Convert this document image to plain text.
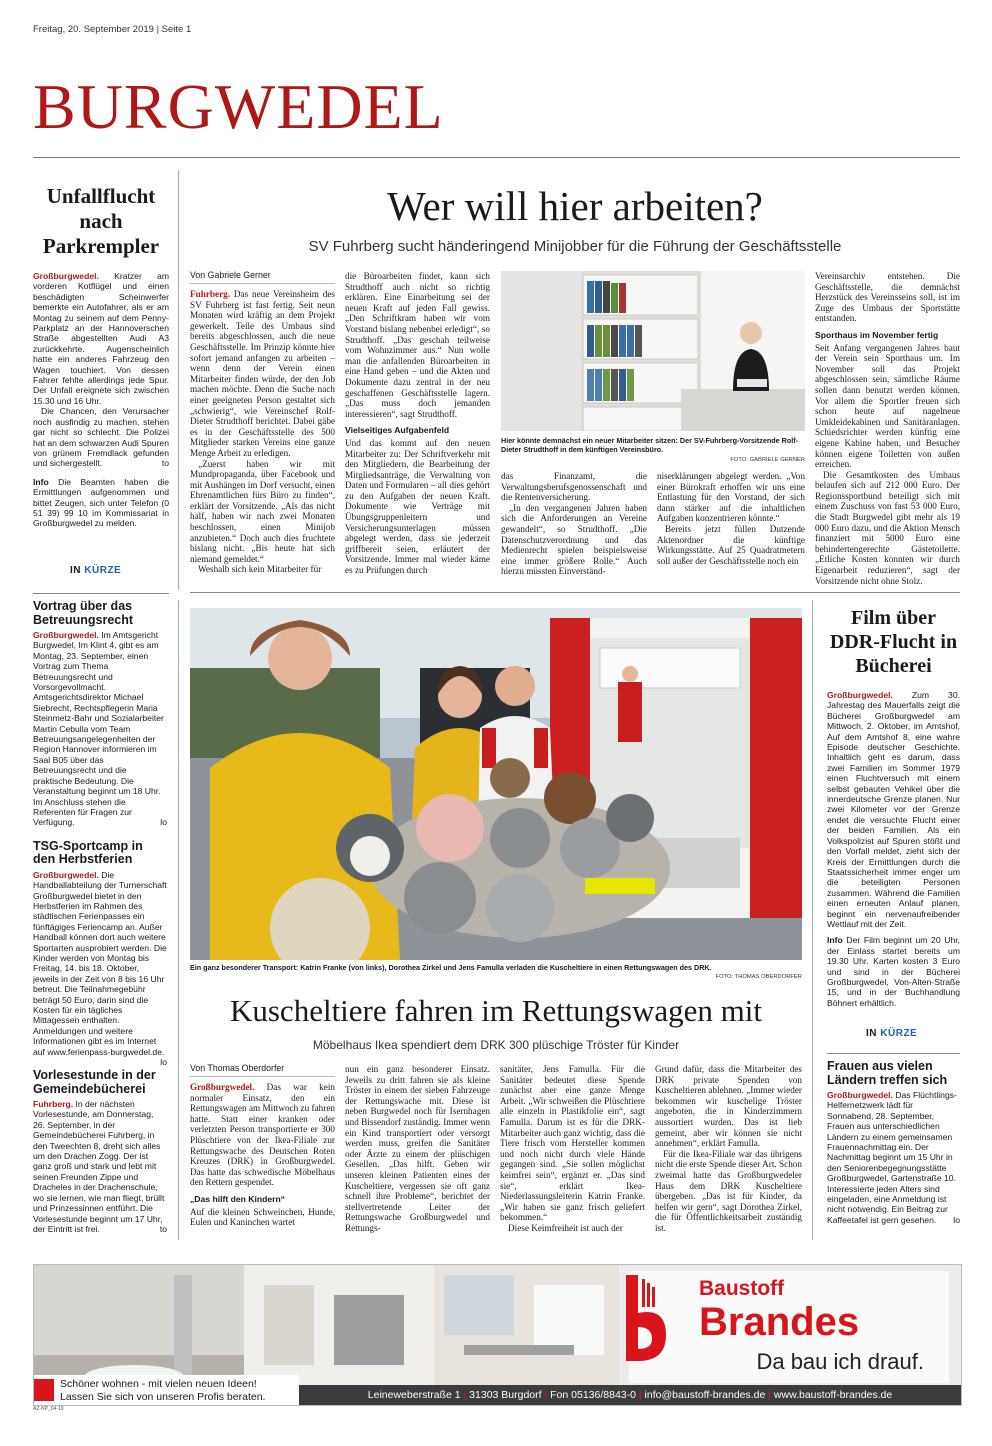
Freitag, 20. September 2019 | Seite 1
BURGWEDEL
Unfallflucht nach Parkrempler

Großburgwedel. Kratzer am vorderen Kotflügel und einen beschädigten Scheinwerfer bemerkte ein Autofahrer, als er am Montag zu seinem auf dem Penny-Parkplatz an der Hannoverschen Straße abgestellten Audi A3 zurückkehrte. Augenscheinlich hatte ein anderes Fahrzeug den Wagen touchiert. Von dessen Fahrer fehlte allerdings jede Spur. Der Unfall ereignete sich zwischen 15.30 und 16 Uhr.

Die Chancen, den Verursacher noch ausfindig zu machen, stehen gar nicht so schlecht. Die Polizei hat an dem schwarzen Audi Spuren von grünem Fremdlack gefunden und sichergestellt.	to

Info Die Beamten haben die Ermittlungen aufgenommen und bittet Zeugen, sich unter Telefon (0 51 39) 99 10 im Kommissariat in Großburgwedel zu melden.

IN KÜRZE
Vortrag über das Betreuungsrecht

Großburgwedel. Im Amtsgericht Burgwedel, Im Klint 4, gibt es am Montag, 23. September, einen Vortrag zum Thema Betreuungsrecht und Vorsorgevollmacht. Amtsgerichtsdirektor Michael Siebrecht, Rechtspflegerin Maria Steinmetz-Bahr und Sozialarbeiter Martin Cebulla vom Team Betreuungsangelegenheiten der Region Hannover informieren im Saal B05 über das Betreuungsrecht und die praktische Bedeutung. Die Veranstaltung beginnt um 18 Uhr. Im Anschluss stehen die Referenten für Fragen zur Verfügung.	lo

TSG-Sportcamp in den Herbstferien

Großburgwedel. Die Handballabteilung der Turnerschaft Großburgwedel bietet in den Herbstferien im Rahmen des städtischen Ferienpasses ein fünftägiges Feriencamp an. Außer Handball können dort auch weitere Sportarten ausprobiert werden. Die Kinder werden von Montag bis Freitag, 14. bis 18. Oktober, jeweils in der Zeit von 8 bis 16 Uhr betreut. Die Teilnahmegebühr beträgt 50 Euro, darin sind die Kosten für ein tägliches Mittagessen enthalten. Anmeldungen und weitere Informationen gibt es im Internet auf www.ferienpass-burgwedel.de.
lo

Vorlesestunde in der Gemeindebücherei

Fuhrberg. In der nächsten Vorlesestunde, am Donnerstag, 26. September, in der Gemeindebücherei Fuhrberg, in den Tweechten 8, dreht sich alles um den Drachen Zogg. Der ist ganz groß und stark und lebt mit seinen Freunden Zippe und Dracheles in der Drachenschule, wo sie lernen, wie man fliegt, brüllt und Prinzessinnen entführt. Die Vorlesestunde beginnt um 17 Uhr, der Eintritt ist frei.	to

Wer will hier arbeiten?
SV Fuhrberg sucht händeringend Minijobber für die Führung der Geschäftsstelle
Von Gabriele Gerner

Fuhrberg. Das neue Vereinsheim des SV Fuhrberg ist fast fertig. Seit neun Monaten wird kräftig an dem Projekt gewerkelt. Teile des Umbaus sind bereits abgeschlossen, auch die neue Geschäftsstelle. Im Prinzip könnte hier sofort jemand anfangen zu arbeiten – wenn denn der Verein einen Mitarbeiter finden würde, der den Job machen möchte. Denn die Suche nach einer geeigneten Person gestaltet sich „schwierig“, wie Vereinschef Rolf-Dieter Strudthoff berichtet. Dabei gäbe es in der Geschäftsstelle des 500 Mitglieder starken Vereins eine ganze Menge Arbeit zu erledigen.

„Zuerst haben wir mit Mundpropaganda, über Facebook und mit Aushängen im Dorf versucht, einen Ehrenamtlichen fürs Büro zu finden“, erklärt der Vorsitzende. „Als das nicht half, haben wir nach zwei Monaten beschlossen, einen Minijob anzubieten.“ Doch auch dies fruchtete bislang nicht. „Bis heute hat sich niemand gemeldet.“

Weshalb sich kein Mitarbeiter für

die Büroarbeiten findet, kann sich Strudthoff auch nicht so richtig erklären. Eine Einarbeitung sei der neuen Kraft auf jeden Fall gewiss. „Den Schriftkram haben wir vom Vorstand bislang nebenbei erledigt“, so Strudthoff. „Das geschah teilweise vom Wohnzimmer aus.“ Nun wolle man die anfallenden Büroarbeiten in eine Hand geben – und die Akten und Dokumente dazu zentral in der neu geschaffenen Geschäftsstelle lagern. „Das muss doch jemanden interessieren“, sagt Strudthoff.

Vielseitiges Aufgabenfeld

Und das kommt auf den neuen Mitarbeiter zu: Der Schriftverkehr mit den Mitgliedern, die Bearbeitung der Mitgliedsanträge, die Verwaltung von Daten und Formularen – all dies gehört zu den Aufgaben der neuen Kraft. Dokumente wie Verträge mit Übungsgruppenleitern und Versicherungsunterlagen müssen abgelegt werden, dass sie jederzeit griffbereit seien, erläutert der Vorsitzende. Immer mal wieder käme es zu Prüfungen durch

Hier könnte demnächst ein neuer Mitarbeiter sitzen: Der SV-Fuhrberg-Vorsitzende Rolf-Dieter Strudthoff in dem künftigen Vereinsbüro.
FOTO: GABRIELE GERNER

das Finanzamt, die Verwaltungsberufsgenossenschaft und die Rentenversicherung.

„In den vergangenen Jahren haben sich die Anforderungen an Vereine gewandelt“, so Strudthoff. „Die Datenschutzverordnung und das Medienrecht spielen beispielsweise eine immer größere Rolle.“ Auch hierzu müssten Einverständ-

niserklärungen abgelegt werden. „Von einer Bürokraft erhoffen wir uns eine Entlastung für den Vorstand, der sich dann stärker auf die inhaltlichen Aufgaben konzentrieren könnte.“

Bereits jetzt füllen Dutzende Aktenordner die künftige Wirkungsstätte. Auf 25 Quadratmetern soll außer der Geschäftsstelle noch ein

Vereinsarchiv entstehen. Die Geschäftsstelle, die demnächst Herzstück des Vereinsseins soll, ist im Zuge des Umbaus der Sportstätte entstanden.

Sporthaus im November fertig

Seit Anfang vergangenen Jahres baut der Verein sein Sporthaus um. Im November soll das Projekt abgeschlossen sein, sämtliche Räume sollen dann benutzt werden können. Vor allem die Sportler freuen sich schon heute auf nagelneue Umkleidekabinen und Sanitäranlagen. Schiedsrichter werden künftig eine eigene Kabine haben, und Besucher können eigene Toiletten von außen erreichen.

Die Gesamtkosten des Umbaus belaufen sich auf 212 000 Euro. Der Regionssportbund beteiligt sich mit einem Zuschuss von fast 53 000 Euro, die Stadt Burgwedel gibt mehr als 19 000 Euro dazu, und die Aktion Mensch finanziert mit 5000 Euro eine behindertengerechte Gästetoilette. „Etliche Kosten konnten wir durch Eigenarbeit reduzieren“, sagt der Vorsitzende nicht ohne Stolz.

Ein ganz besonderer Transport: Katrin Franke (von links), Dorothea Zirkel und Jens Famulla verladen die Kuscheltiere in einen Rettungswagen des DRK.
FOTO: THOMAS OBERDORFER
Kuscheltiere fahren im Rettungswagen mit
Möbelhaus Ikea spendiert dem DRK 300 plüschige Tröster für Kinder
Von Thomas Oberdorfer

Großburgwedel. Das war kein normaler Einsatz, den ein Rettungswagen am Mittwoch zu fahren hatte. Statt einer kranken oder verletzten Person transportierte er 300 Plüschtiere von der Ikea-Filiale zur Rettungswache des Deutschen Roten Kreuzes (DRK) in Großburgwedel. Das hatte das schwedische Möbelhaus den Rettern gespendet.

„Das hilft den Kindern“

Auf die kleinen Schweinchen, Hunde, Eulen und Kaninchen wartet

nun ein ganz besonderer Einsatz. Jeweils zu dritt fahren sie als kleine Tröster in einem der sieben Fahrzeuge der Rettungswache mit. Diese ist neben Burgwedel noch für Isernhagen und Bissendorf zuständig. Immer wenn ein Kind transportiert oder versorgt werden muss, greifen die Sanitäter oder Ärzte zu einem der plüschigen Gesellen. „Das hilft. Geben wir unseren kleinen Patienten eines der Kuscheltiere, vergessen sie oft ganz schnell ihre Probleme“, berichtet der stellvertretende Leiter der Rettungswache Großburgwedel und Rettungs-

sanitäter, Jens Famulla. Für die Sanitäter bedeutet diese Spende zunächst aber eine ganze Menge Arbeit. „Wir schweißen die Plüschtiere alle einzeln in Plastikfolie ein“, sagt Famulla. Darum ist es für die DRK-Mitarbeiter auch ganz wichtig, dass die Tiere frisch vom Hersteller kommen und noch nicht durch viele Hände gegangen sind. „Sie sollen möglichst keimfrei sein“, ergänzt er. „Das sind sie“, erklärt Ikea-Niederlassungsleiterin Katrin Franke. „Wir haben sie ganz frisch geliefert bekommen.“

Diese Keimfreiheit ist auch der

Grund dafür, dass die Mitarbeiter des DRK private Spenden von Kuscheltieren ablehnen. „Immer wieder bekommen wir kuschelige Tröster angeboten, die in Kinderzimmern aussortiert wurden. Das ist lieb gemeint, aber wir können sie nicht annehmen“, erklärt Famulla.

Für die Ikea-Filiale war das übrigens nicht die erste Spende dieser Art. Schon zweimal hatte das Großburgwedeler Haus dem DRK Kuscheltiere übergeben. „Das ist für Kinder, da helfen wir gern“, sagt Dorothea Zirkel, die für Öffentlichkeitsarbeit zuständig ist.

Film über DDR-Flucht in Bücherei

Großburgwedel. Zum 30. Jahrestag des Mauerfalls zeigt die Bücherei Großburgwedel am Mittwoch, 2. Oktober, im Amtshof, Auf dem Amtshof 8, eine wahre Episode deutscher Geschichte. Inhaltlich geht es darum, dass zwei Familien im Sommer 1979 einen Fluchtversuch mit einem selbst gebauten Vehikel über die innerdeutsche Grenze planen. Nur zwei Kilometer vor der Grenze endet die versuchte Flucht einer der beiden Familien. Als ein Volkspolizist auf Spuren stößt und den Vorfall meldet, zieht sich der Kreis der Ermittlungen durch die Staatssicherheit immer enger um die beteiligten Personen zusammen. Während die Familien einen erneuten Anlauf planen, beginnt ein nervenaufreibender Wettlauf mit der Zeit.

Info Der Film beginnt um 20 Uhr, der Einlass startet bereits um 19.30 Uhr. Karten kosten 3 Euro und sind in der Bücherei Großburgwedel, Von-Alten-Straße 15, und in der Buchhandlung Böhnert erhältlich.

IN KÜRZE
Frauen aus vielen Ländern treffen sich

Großburgwedel. Das Flüchtlings-Helfernetzwerk lädt für Sonnabend, 28. September, Frauen aus unterschiedlichen Ländern zu einem gemeinsamen Frauennachmittag ein. Der Nachmittag beginnt um 15 Uhr in den Seniorenbegegnungsstätte Großburgwedel, Gartenstraße 10. Interessierte jeden Alters sind eingeladen, eine Anmeldung ist nicht notwendig. Ein Beitrag zur Kaffeetafel ist gern gesehen. lo

Baustoff
Brandes
Da bau ich drauf.
Schöner wohnen - mit vielen neuen Ideen!
Lassen Sie sich von unseren Profis beraten.	Leineweberstraße 1 | 31303 Burgdorf | Fon 05136/8843-0 | info@baustoff-brandes.de | www.baustoff-brandes.de
AZ-NP_04-19
